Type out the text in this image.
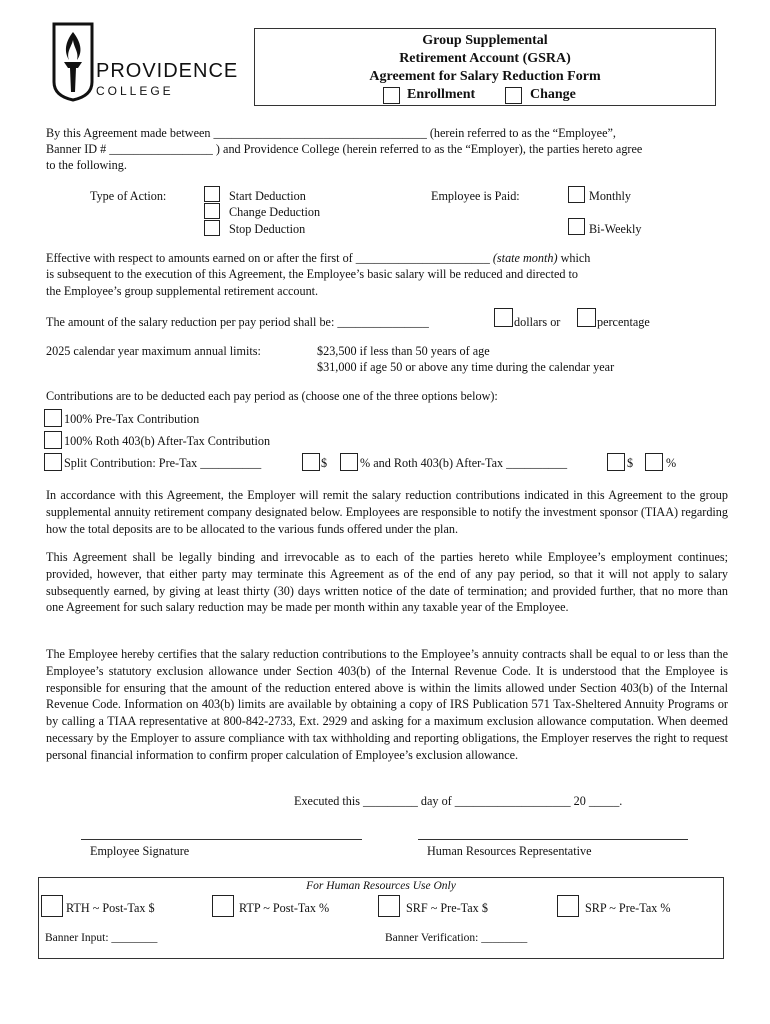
PROVIDENCE
COLLEGE
Group Supplemental
Retirement Account (GSRA)
Agreement for Salary Reduction Form
Enrollment	Change
By this Agreement made between ___________________________________ (herein referred to as the “Employee”,
Banner ID # _________________ ) and Providence College (herein referred to as the “Employer), the parties hereto agree
to the following.
Type of Action:	Start Deduction
Change Deduction
Stop Deduction
Employee is Paid:	Monthly
Bi-Weekly
Effective with respect to amounts earned on or after the first of ______________________ (state month) which
is subsequent to the execution of this Agreement, the Employee’s basic salary will be reduced and directed to
the Employee’s group supplemental retirement account.
The amount of the salary reduction per pay period shall be: _______________	dollars or	percentage
2025 calendar year maximum annual limits:	$23,500 if less than 50 years of age
$31,000 if age 50 or above any time during the calendar year
Contributions are to be deducted each pay period as (choose one of the three options below):
100% Pre-Tax Contribution
100% Roth 403(b) After-Tax Contribution
Split Contribution: Pre-Tax __________	$	% and Roth 403(b) After-Tax __________	$	%
In accordance with this Agreement, the Employer will remit the salary reduction contributions indicated in this Agreement to the group supplemental annuity retirement company designated below. Employees are responsible to notify the investment sponsor (TIAA) regarding how the total deposits are to be allocated to the various funds offered under the plan.
This Agreement shall be legally binding and irrevocable as to each of the parties hereto while Employee’s employment continues; provided, however, that either party may terminate this Agreement as of the end of any pay period, so that it will not apply to salary subsequently earned, by giving at least thirty (30) days written notice of the date of termination; and provided further, that no more than one Agreement for such salary reduction may be made per month within any taxable year of the Employee.
The Employee hereby certifies that the salary reduction contributions to the Employee’s annuity contracts shall be equal to or less than the Employee’s statutory exclusion allowance under Section 403(b) of the Internal Revenue Code. It is understood that the Employee is responsible for ensuring that the amount of the reduction entered above is within the limits allowed under Section 403(b) of the Internal Revenue Code. Information on 403(b) limits are available by obtaining a copy of IRS Publication 571 Tax-Sheltered Annuity Programs or by calling a TIAA representative at 800-842-2733, Ext. 2929 and asking for a maximum exclusion allowance computation. When deemed necessary by the Employer to assure compliance with tax withholding and reporting obligations, the Employer reserves the right to request personal financial information to confirm proper calculation of Employee’s exclusion allowance.
Executed this _________ day of ___________________ 20 _____.
Employee Signature	Human Resources Representative
For Human Resources Use Only
RTH ~ Post-Tax $	RTP ~ Post-Tax %	SRF ~ Pre-Tax $	SRP ~ Pre-Tax %
Banner Input: ________	Banner Verification: ________
